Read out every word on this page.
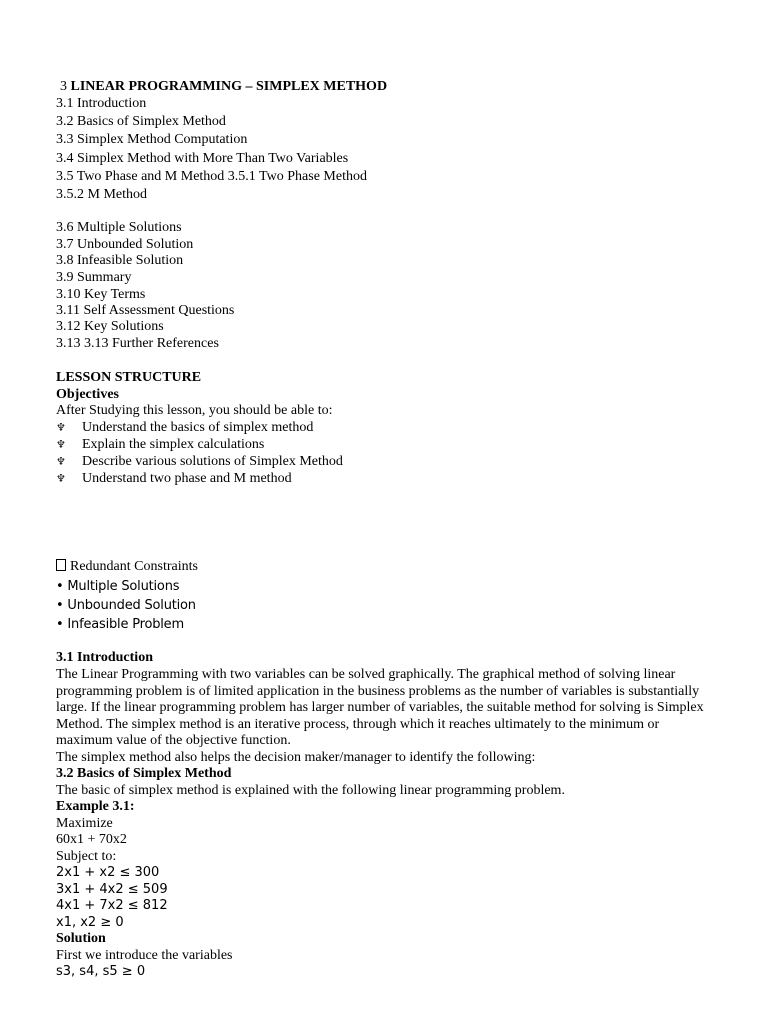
3 LINEAR PROGRAMMING – SIMPLEX METHOD
3.1 Introduction
3.2 Basics of Simplex Method
3.3 Simplex Method Computation
3.4 Simplex Method with More Than Two Variables
3.5 Two Phase and M Method 3.5.1 Two Phase Method
3.5.2 M Method
3.6 Multiple Solutions
3.7 Unbounded Solution
3.8 Infeasible Solution
3.9 Summary
3.10 Key Terms
3.11 Self Assessment Questions
3.12 Key Solutions
3.13 3.13 Further References
LESSON STRUCTURE
Objectives
After Studying this lesson, you should be able to:
♆ Understand the basics of simplex method
♆ Explain the simplex calculations
♆ Describe various solutions of Simplex Method
♆ Understand two phase and M method
Redundant Constraints
• Multiple Solutions
• Unbounded Solution
• Infeasible Problem
3.1 Introduction
The Linear Programming with two variables can be solved graphically. The graphical method of solving linear
programming problem is of limited application in the business problems as the number of variables is substantially
large. If the linear programming problem has larger number of variables, the suitable method for solving is Simplex
Method. The simplex method is an iterative process, through which it reaches ultimately to the minimum or
maximum value of the objective function.
The simplex method also helps the decision maker/manager to identify the following:
3.2 Basics of Simplex Method
The basic of simplex method is explained with the following linear programming problem.
Example 3.1:
Maximize
60x1 + 70x2
Subject to:
2x1 + x2 ≤ 300
3x1 + 4x2 ≤ 509
4x1 + 7x2 ≤ 812
x1, x2 ≥ 0
Solution
First we introduce the variables
s3, s4, s5 ≥ 0
